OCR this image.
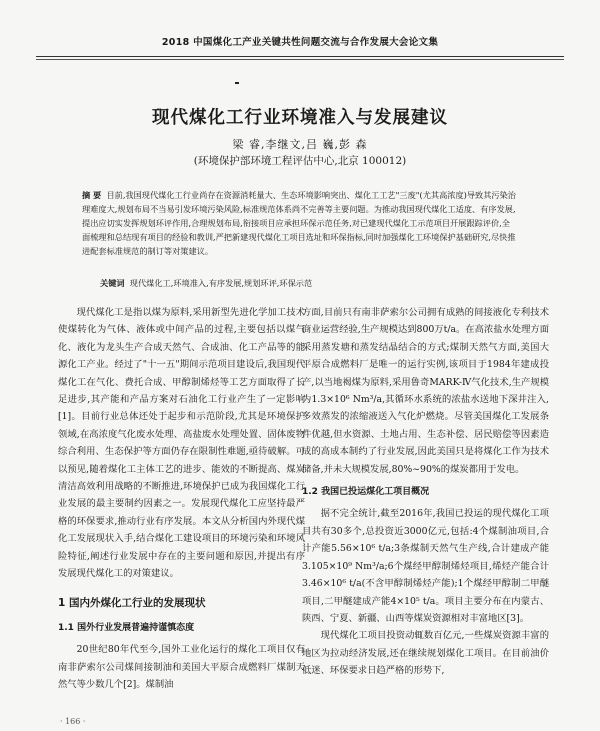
2018 中国煤化工产业关键共性问题交流与合作发展大会论文集
现代煤化工行业环境准入与发展建议
梁 睿,李继文,吕 巍,彭 森
(环境保护部环境工程评估中心,北京 100012)
摘 要 目前,我国现代煤化工行业尚存在资源消耗量大、生态环境影响突出、煤化工工艺"三废"(尤其高浓度)导致其污染治理难度大,规划布局不当易引发环境污染风险,标准规范体系尚不完善等主要问题。为推动我国现代煤化工适度、有序发展,提出应切实发挥规划环评作用,合理规划布局,衔接项目应承担环保示范任务,对已建现代煤化工示范项目开展跟踪评价,全面梳理和总结现有项目的经验和教训,严把新建现代煤化工项目选址和环保指标,同时加强煤化工环境保护基础研究,尽快推进配套标准规范的制订等对策建议。
关键词 现代煤化工,环境准入,有序发展,规划环评,环保示范

现代煤化工是指以煤为原料,采用新型先进化学加工技术使煤转化为气体、液体或中间产品的过程,主要包括以煤气化、液化为龙头生产合成天然气、合成油、化工产品等的能源化工产业。经过了"十一五"期间示范项目建设后,我国现代煤化工在气化、费托合成、甲醇制烯烃等工艺方面取得了长足进步,其产能和产品方案对石油化工行业产生了一定影响[1]。目前行业总体还处于起步和示范阶段,尤其是环境保护领域,在高浓度气化废水处理、高盐废水处理处置、固体废物综合利用、生态保护等方面仍存在限制性难题,亟待破解。可以预见,随着煤化工主体工艺的进步、能效的不断提高、煤炭清洁高效利用战略的不断推进,环境保护已成为我国煤化工行业发展的最主要制约因素之一。发展现代煤化工应坚持最严格的环保要求,推动行业有序发展。本文从分析国内外现代煤化工发展现状入手,结合煤化工建设项目的环境污染和环境风险特征,阐述行业发展中存在的主要问题和原因,并提出有序发展现代煤化工的对策建议。

1 国内外煤化工行业的发展现状
1.1 国外行业发展普遍持谨慎态度

20世纪80年代至今,国外工业化运行的煤化工项目仅有南非萨索尔公司煤间接制油和美国大平原合成燃料厂煤制天然气等少数几个[2]。煤制油

方面,目前只有南非萨索尔公司拥有成熟的间接液化专利技术商业运营经验,生产规模达到800万t/a。在高浓盐水处理方面采用蒸发塘和蒸发结晶结合的方式;煤制天然气方面,美国大平原合成燃料厂是唯一的运行实例,该项目于1984年建成投产,以当地褐煤为原料,采用鲁奇MARK-Ⅳ气化技术,生产规模为1.3×10⁶ Nm³/a,其循环水系统的浓盐水送地下深井注入,多效蒸发的浓缩液送入气化炉燃烧。尽管美国煤化工发展条件优越,但水资源、土地占用、生态补偿、居民赔偿等因素造成的高成本制约了行业发展,因此美国只是将煤化工作为技术储备,并未大规模发展,80%~90%的煤炭都用于发电。

1.2 我国已投运煤化工项目概况

据不完全统计,截至2016年,我国已投运的现代煤化工项目共有30多个,总投资近3000亿元,包括:4个煤制油项目,合计产能5.56×10⁶ t/a;3条煤制天然气生产线,合计建成产能3.105×10⁹ Nm³/a;6个煤经甲醇制烯烃项目,烯烃产能合计3.46×10⁶ t/a(不含甲醇制烯烃产能);1个煤经甲醇制二甲醚项目,二甲醚建成产能4×10⁵ t/a。项目主要分布在内蒙古、陕西、宁夏、新疆、山西等煤炭资源相对丰富地区[3]。

现代煤化工项目投资动辄数百亿元,一些煤炭资源丰富的地区为拉动经济发展,还在继续规划煤化工项目。在目前油价低迷、环保要求日趋严格的形势下,

· 166 ·
